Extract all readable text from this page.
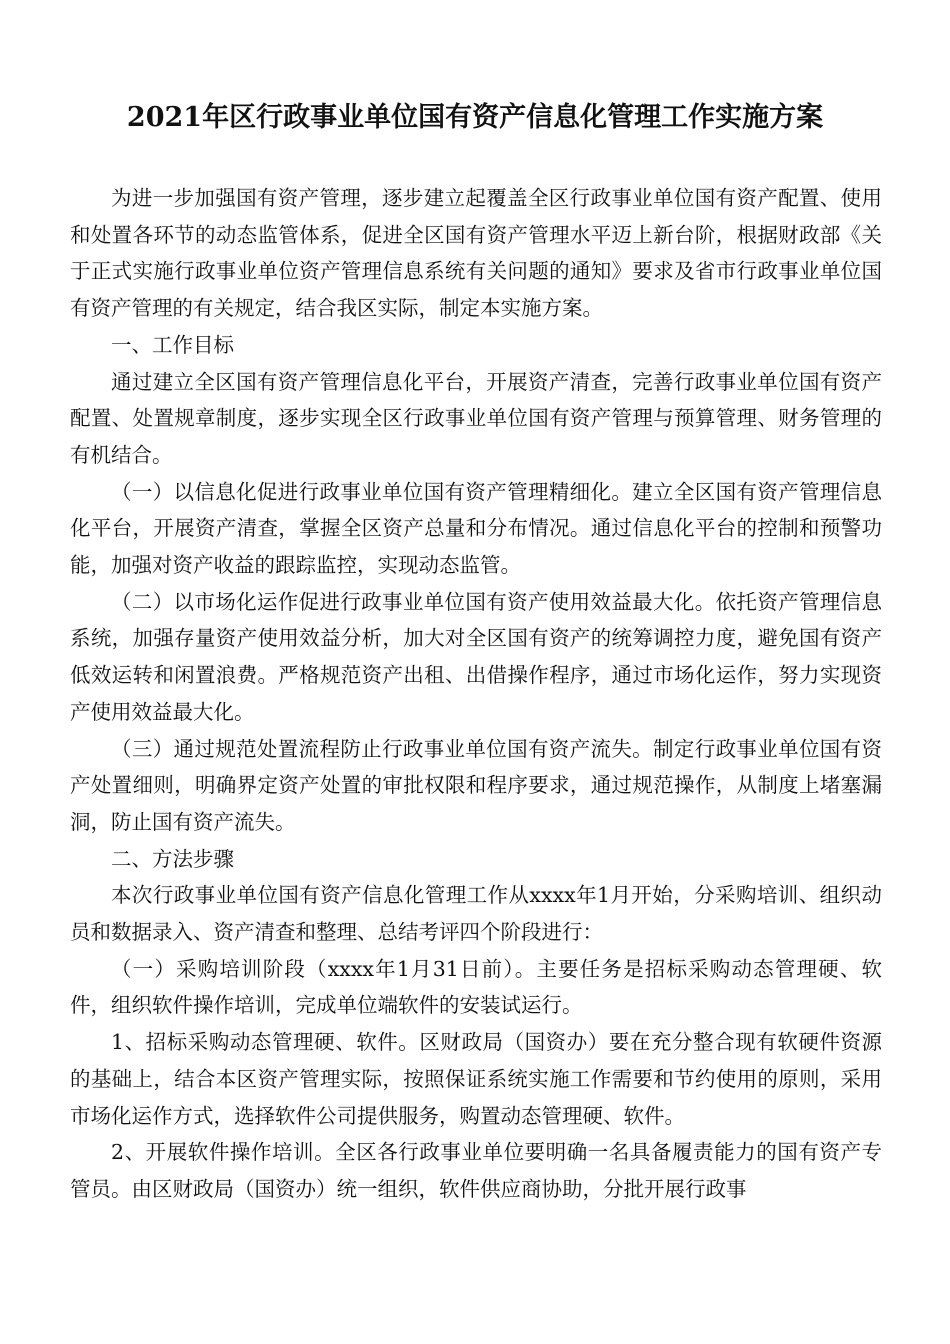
2021年区行政事业单位国有资产信息化管理工作实施方案

为进一步加强国有资产管理，逐步建立起覆盖全区行政事业单位国有资产配置、使用和处置各环节的动态监管体系，促进全区国有资产管理水平迈上新台阶，根据财政部《关于正式实施行政事业单位资产管理信息系统有关问题的通知》要求及省市行政事业单位国有资产管理的有关规定，结合我区实际，制定本实施方案。

一、工作目标

通过建立全区国有资产管理信息化平台，开展资产清查，完善行政事业单位国有资产配置、处置规章制度，逐步实现全区行政事业单位国有资产管理与预算管理、财务管理的有机结合。

（一）以信息化促进行政事业单位国有资产管理精细化。建立全区国有资产管理信息化平台，开展资产清查，掌握全区资产总量和分布情况。通过信息化平台的控制和预警功能，加强对资产收益的跟踪监控，实现动态监管。

（二）以市场化运作促进行政事业单位国有资产使用效益最大化。依托资产管理信息系统，加强存量资产使用效益分析，加大对全区国有资产的统筹调控力度，避免国有资产低效运转和闲置浪费。严格规范资产出租、出借操作程序，通过市场化运作，努力实现资产使用效益最大化。

（三）通过规范处置流程防止行政事业单位国有资产流失。制定行政事业单位国有资产处置细则，明确界定资产处置的审批权限和程序要求，通过规范操作，从制度上堵塞漏洞，防止国有资产流失。

二、方法步骤

本次行政事业单位国有资产信息化管理工作从xxxx年1月开始，分采购培训、组织动员和数据录入、资产清查和整理、总结考评四个阶段进行：

（一）采购培训阶段（xxxx年1月31日前）。主要任务是招标采购动态管理硬、软件，组织软件操作培训，完成单位端软件的安装试运行。

1、招标采购动态管理硬、软件。区财政局（国资办）要在充分整合现有软硬件资源的基础上，结合本区资产管理实际，按照保证系统实施工作需要和节约使用的原则，采用市场化运作方式，选择软件公司提供服务，购置动态管理硬、软件。

2、开展软件操作培训。全区各行政事业单位要明确一名具备履责能力的国有资产专管员。由区财政局（国资办）统一组织，软件供应商协助，分批开展行政事
